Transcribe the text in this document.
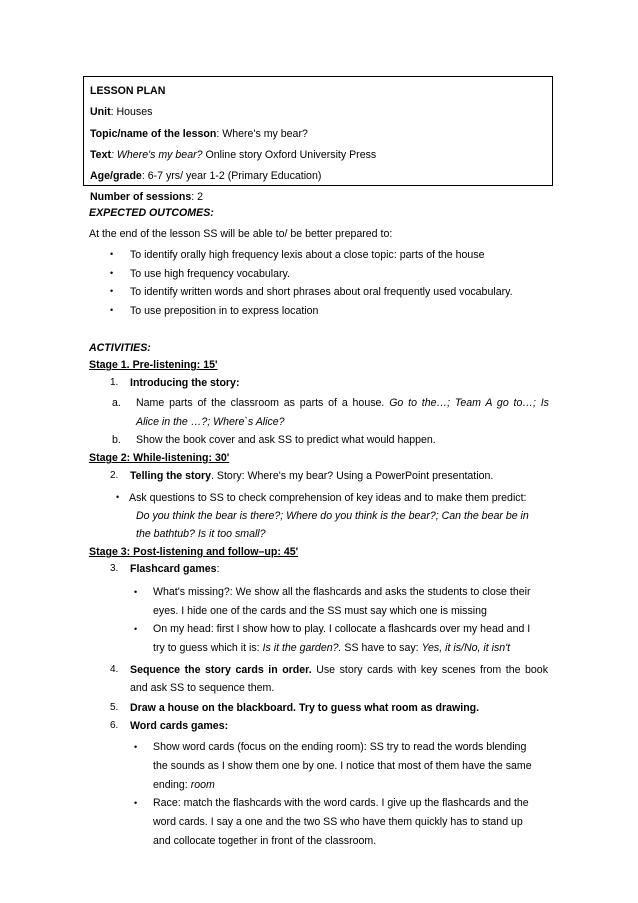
LESSON PLAN
Unit: Houses
Topic/name of the lesson: Where's my bear?
Text: Where's my bear? Online story Oxford University Press
Age/grade: 6-7 yrs/ year 1-2 (Primary Education)
Number of sessions: 2
EXPECTED OUTCOMES:
At the end of the lesson SS will be able to/ be better prepared to:
• To identify orally high frequency lexis about a close topic: parts of the house
• To use high frequency vocabulary.
• To identify written words and short phrases about oral frequently used vocabulary.
• To use preposition in to express location
ACTIVITIES:
Stage 1. Pre-listening: 15'
1. Introducing the story:
a. Name parts of the classroom as parts of a house. Go to the…; Team A go to…; Is
Alice in the …?; Where`s Alice?
b. Show the book cover and ask SS to predict what would happen.
Stage 2: While-listening: 30'
2. Telling the story. Story: Where's my bear? Using a PowerPoint presentation.
• Ask questions to SS to check comprehension of key ideas and to make them predict:
Do you think the bear is there?; Where do you think is the bear?; Can the bear be in
the bathtub? Is it too small?
Stage 3: Post-listening and follow–up: 45'
3. Flashcard games:
• What's missing?: We show all the flashcards and asks the students to close their
eyes. I hide one of the cards and the SS must say which one is missing
• On my head: first I show how to play. I collocate a flashcards over my head and I
try to guess which it is: Is it the garden?. SS have to say: Yes, it is/No, it isn't
4. Sequence the story cards in order. Use story cards with key scenes from the book
and ask SS to sequence them.
5. Draw a house on the blackboard. Try to guess what room as drawing.
6. Word cards games:
• Show word cards (focus on the ending room): SS try to read the words blending
the sounds as I show them one by one. I notice that most of them have the same
ending: room
• Race: match the flashcards with the word cards. I give up the flashcards and the
word cards. I say a one and the two SS who have them quickly has to stand up
and collocate together in front of the classroom.
